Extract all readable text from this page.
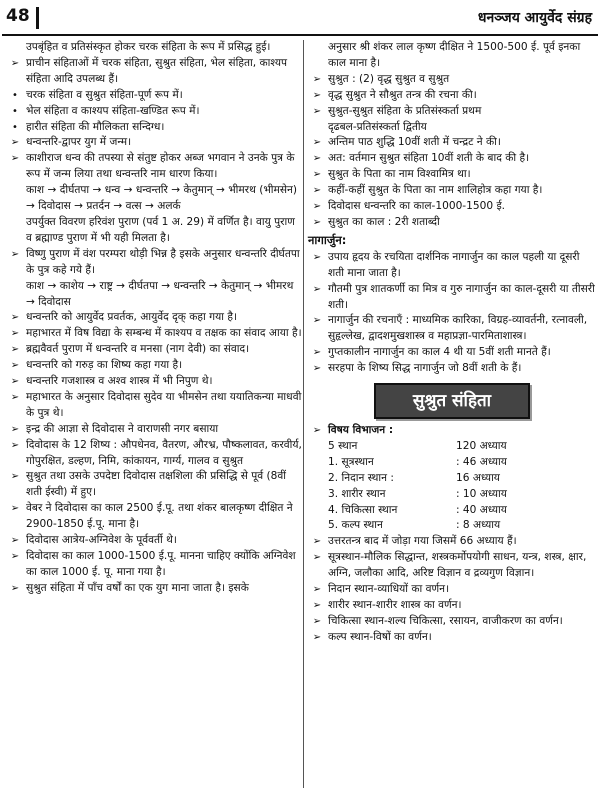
48	धनञ्जय आयुर्वेद संग्रह
उपबृंहित व प्रतिसंस्कृत होकर चरक संहिता के रूप में प्रसिद्ध हुई।
➢ प्राचीन संहिताओं में चरक संहिता, सुश्रुत संहिता, भेल संहिता, काश्यप संहिता आदि उपलब्ध हैं।
• चरक संहिता व सुश्रुत संहिता-पूर्ण रूप में।
• भेल संहिता व काश्यप संहिता-खण्डित रूप में।
• हारीत संहिता की मौलिकता सन्दिग्ध।
➢ धन्वन्तरि-द्वापर युग में जन्म।
➢ काशीराज धन्व की तपस्या से संतुष्ट होकर अब्ज भगवान ने उनके पुत्र के रूप में जन्म लिया तथा धन्वन्तरि नाम धारण किया।
काश → दीर्घतपा → धन्व → धन्वन्तरि → केतुमान् → भीमरथ (भीमसेन) → दिवोदास → प्रतर्दन → वत्स → अलर्क
उपर्युक्त विवरण हरिवंश पुराण (पर्व 1 अ. 29) में वर्णित है। वायु पुराण व ब्रह्माण्ड पुराण में भी यही मिलता है।
➢ विष्णु पुराण में वंश परम्परा थोड़ी भिन्न है इसके अनुसार धन्वन्तरि दीर्घतपा के पुत्र कहे गये हैं।
काश → काशेय → राष्ट्र → दीर्घतपा → धन्वन्तरि → केतुमान् → भीमरथ → दिवोदास
➢ धन्वन्तरि को आयुर्वेद प्रवर्तक, आयुर्वेद दृक् कहा गया है।
➢ महाभारत में विष विद्या के सम्बन्ध में काश्यप व तक्षक का संवाद आया है।
➢ ब्रह्मवैवर्त पुराण में धन्वन्तरि व मनसा (नाग देवी) का संवाद।
➢ धन्वन्तरि को गरुड़ का शिष्य कहा गया है।
➢ धन्वन्तरि गजशास्त्र व अश्व शास्त्र में भी निपुण थे।
➢ महाभारत के अनुसार दिवोदास सुदेव या भीमसेन तथा ययातिकन्या माधवी के पुत्र थे।
➢ इन्द्र की आज्ञा से दिवोदास ने वाराणसी नगर बसाया
➢ दिवोदास के 12 शिष्य : औपधेनव, वैतरण, औरभ्र, पौष्कलावत, करवीर्य, गोपुरक्षित, डल्हण, निमि, कांकायन, गार्ग्य, गालव व सुश्रुत
➢ सुश्रुत तथा उसके उपदेष्टा दिवोदास तक्षशिला की प्रसिद्धि से पूर्व (8वीं शती ईस्वी) में हुए।
➢ वेबर ने दिवोदास का काल 2500 ई.पू. तथा शंकर बालकृष्ण दीक्षित ने 2900-1850 ई.पू. माना है।
➢ दिवोदास आत्रेय-अग्निवेश के पूर्ववर्ती थे।
➢ दिवोदास का काल 1000-1500 ई.पू. मानना चाहिए क्योंकि अग्निवेश का काल 1000 ई. पू. माना गया है।
➢ सुश्रुत संहिता में पाँच वर्षों का एक युग माना जाता है। इसके
अनुसार श्री शंकर लाल कृष्ण दीक्षित ने 1500-500 ई. पूर्व इनका काल माना है।
➢ सुश्रुत : (2) वृद्ध सुश्रुत व सुश्रुत
➢ वृद्ध सुश्रुत ने सौश्रुत तन्त्र की रचना की।
➢ सुश्रुत-सुश्रुत संहिता के प्रतिसंस्कर्ता प्रथम
दृढबल-प्रतिसंस्कर्ता द्वितीय
➢ अन्तिम पाठ शुद्धि 10वीं शती में चन्द्रट ने की।
➢ अत: वर्तमान सुश्रुत संहिता 10वीं शती के बाद की है।
➢ सुश्रुत के पिता का नाम विश्वामित्र था।
➢ कहीं-कहीं सुश्रुत के पिता का नाम शालिहोत्र कहा गया है।
➢ दिवोदास धन्वन्तरि का काल-1000-1500 ई.
➢ सुश्रुत का काल : 2री शताब्दी
नागार्जुन:
➢ उपाय हृदय के रचयिता दार्शनिक नागार्जुन का काल पहली या दूसरी शती माना जाता है।
➢ गौतमी पुत्र शातकर्णी का मित्र व गुरु नागार्जुन का काल-दूसरी या तीसरी शती।
➢ नागार्जुन की रचनाएँ : माध्यमिक कारिका, विग्रह-व्यावर्तनी, रत्नावली, सुहृल्लेख, द्वादशमुखशास्त्र व महाप्रज्ञा-पारमिताशास्त्र।
➢ गुप्तकालीन नागार्जुन का काल 4 थी या 5वीं शती मानते हैं।
➢ सरहपा के शिष्य सिद्ध नागार्जुन जो 8वीं शती के हैं।
सुश्रुत संहिता
➢ विषय विभाजन :
5 स्थान	120 अध्याय
1. सूत्रस्थान	: 46 अध्याय
2. निदान स्थान :	16 अध्याय
3. शारीर स्थान	: 10 अध्याय
4. चिकित्सा स्थान	: 40 अध्याय
5. कल्प स्थान	: 8 अध्याय
➢ उत्तरतन्त्र बाद में जोड़ा गया जिसमें 66 अध्याय हैं।
➢ सूत्रस्थान-मौलिक सिद्धान्त, शस्त्रकर्मोपयोगी साधन, यन्त्र, शस्त्र, क्षार, अग्नि, जलौका आदि, अरिष्ट विज्ञान व द्रव्यगुण विज्ञान।
➢ निदान स्थान-व्याधियों का वर्णन।
➢ शारीर स्थान-शारीर शास्त्र का वर्णन।
➢ चिकित्सा स्थान-शल्य चिकित्सा, रसायन, वाजीकरण का वर्णन।
➢ कल्प स्थान-विषों का वर्णन।
